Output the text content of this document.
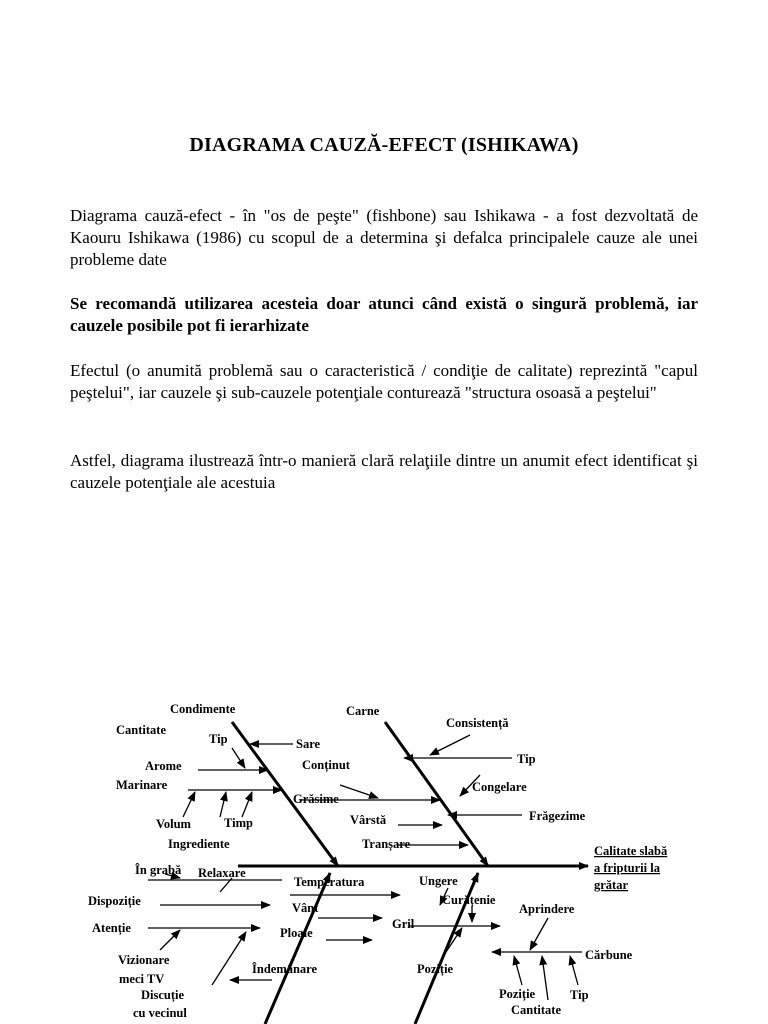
DIAGRAMA CAUZĂ-EFECT (ISHIKAWA)
Diagrama cauză-efect - în "os de peşte" (fishbone) sau Ishikawa - a fost dezvoltată de Kaouru Ishikawa (1986) cu scopul de a determina şi defalca principalele cauze ale unei probleme date
Se recomandă utilizarea acesteia doar atunci când există o singură problemă, iar cauzele posibile pot fi ierarhizate
Efectul (o anumită problemă sau o caracteristică / condiţie de calitate) reprezintă "capul peştelui", iar cauzele şi sub-cauzele potenţiale conturează "structura osoasă a peştelui"
Astfel, diagrama ilustrează într-o manieră clară relaţiile dintre un anumit efect identificat şi cauzele potenţiale ale acestuia
Calitate slabă
a fripturii la
grătar
Condimente
Cantitate
Tip	Sare
Arome
Marinare
Volum	Timp
Ingrediente
Carne
Consistență
Tip
Conținut
Congelare
Grăsime
Frăgezime
Vârstă
Tranșare
În grabă Relaxare
Dispoziție
Atenție
Vizionare
meci TV
Discuție
cu vecinul
Temperatura
Vânt
Ploaie
Îndemânare
Ungere
Curățenie
Gril
Poziție
Aprindere
Cărbune
Poziție	Tip
Cantitate
